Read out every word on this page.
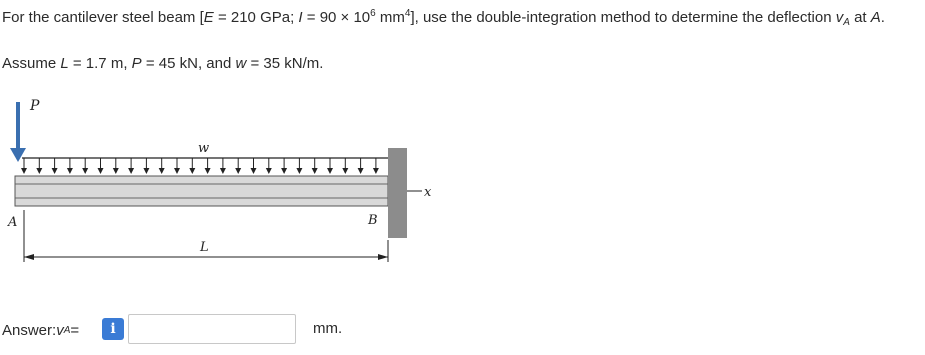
For the cantilever steel beam [E = 210 GPa; $I = 90 \times 10^6$ $mm^4$], use the double-integration method to determine the deflection $v_A$ at A.
Assume L = 1.7 m, P = 45 kN, and w = 35 kN/m.
P
w
x
A	B
L
Answer: v A =	i	mm.
